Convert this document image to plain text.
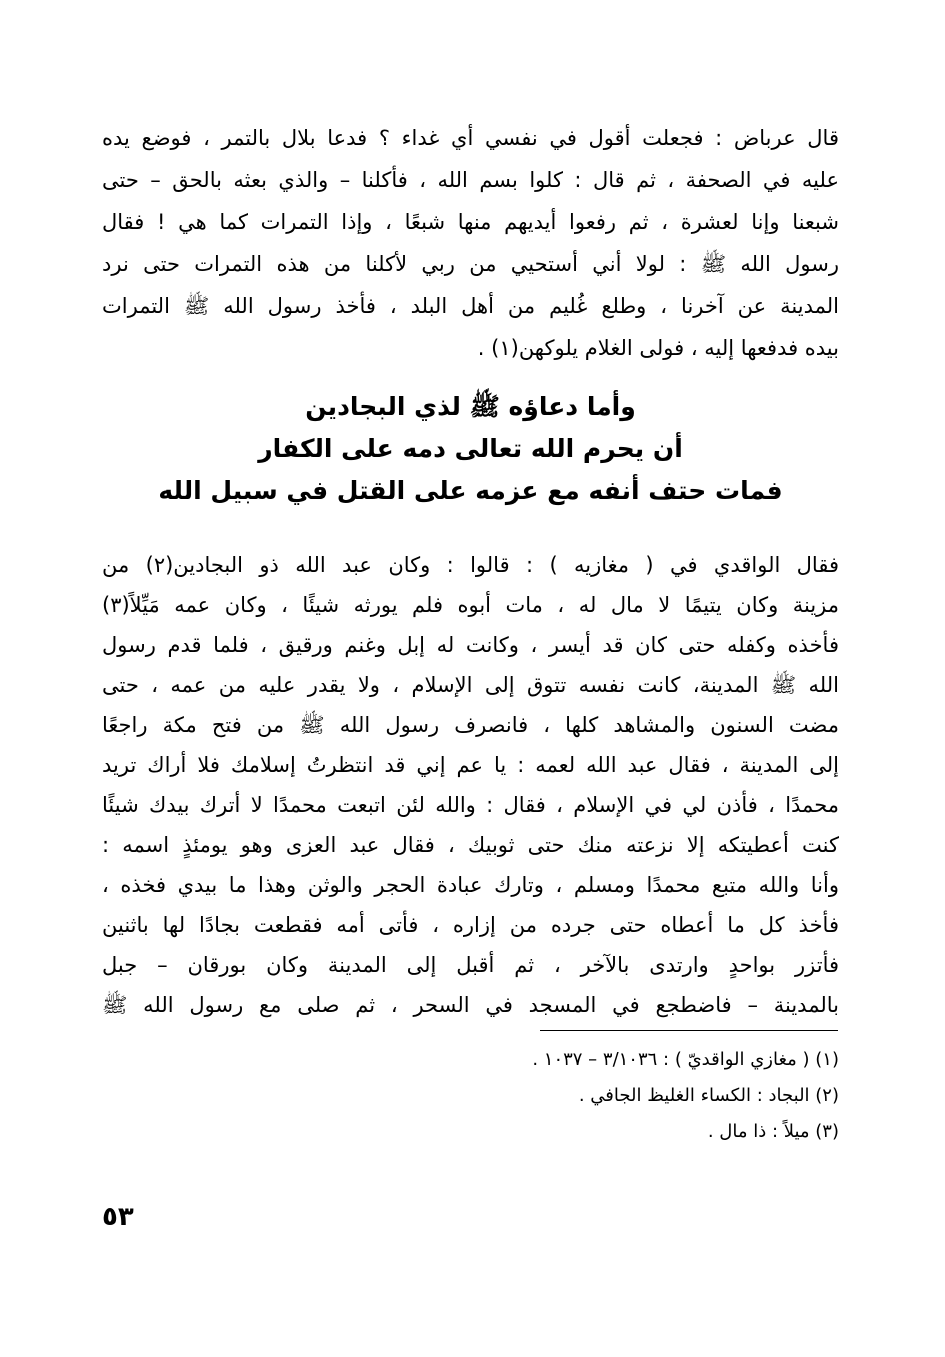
قال عرباض : فجعلت أقول في نفسي أي غداء ؟ فدعا بلال بالتمر ، فوضع يده
عليه في الصحفة ، ثم قال : كلوا بسم الله ، فأكلنا – والذي بعثه بالحق – حتى
شبعنا وإنا لعشرة ، ثم رفعوا أيديهم منها شبعًا ، وإذا التمرات كما هي ! فقال
رسول الله ﷺ : لولا أني أستحيي من ربي لأكلنا من هذه التمرات حتى نرد
المدينة عن آخرنا ، وطلع غُليم من أهل البلد ، فأخذ رسول الله ﷺ التمرات
بيده فدفعها إليه ، فولى الغلام يلوكهن(١) .
وأما دعاؤه ﷺ لذي البجادين
أن يحرم الله تعالى دمه على الكفار
فمات حتف أنفه مع عزمه على القتل في سبيل الله
فقال الواقدي في ( مغازيه ) : قالوا : وكان عبد الله ذو البجادين(٢) من
مزينة وكان يتيمًا لا مال له ، مات أبوه فلم يورثه شيئًا ، وكان عمه مَيِّلاً(٣)
فأخذه وكفله حتى كان قد أيسر ، وكانت له إبل وغنم ورقيق ، فلما قدم رسول
الله ﷺ المدينة، كانت نفسه تتوق إلى الإسلام ، ولا يقدر عليه من عمه ، حتى
مضت السنون والمشاهد كلها ، فانصرف رسول الله ﷺ من فتح مكة راجعًا
إلى المدينة ، فقال عبد الله لعمه : يا عم إني قد انتظرتُ إسلامك فلا أراك تريد
محمدًا ، فأذن لي في الإسلام ، فقال : والله لئن اتبعت محمدًا لا أترك بيدك شيئًا
كنت أعطيتكه إلا نزعته منك حتى ثوبيك ، فقال عبد العزى وهو يومئذٍ اسمه :
وأنا والله متبع محمدًا ومسلم ، وتارك عبادة الحجر والوثن وهذا ما بيدي فخذه ،
فأخذ كل ما أعطاه حتى جرده من إزاره ، فأتى أمه فقطعت بجادًا لها باثنين
فأتزر بواحدٍ وارتدى بالآخر ، ثم أقبل إلى المدينة وكان بورقان – جبل
بالمدينة – فاضطجع في المسجد في السحر ، ثم صلى مع رسول الله ﷺ
(١) ( مغازي الواقديّ ) : ٣/١٠٣٦ – ١٠٣٧ .
(٢) البجاد : الكساء الغليظ الجافي .
(٣) ميلاً : ذا مال .
٥٣
